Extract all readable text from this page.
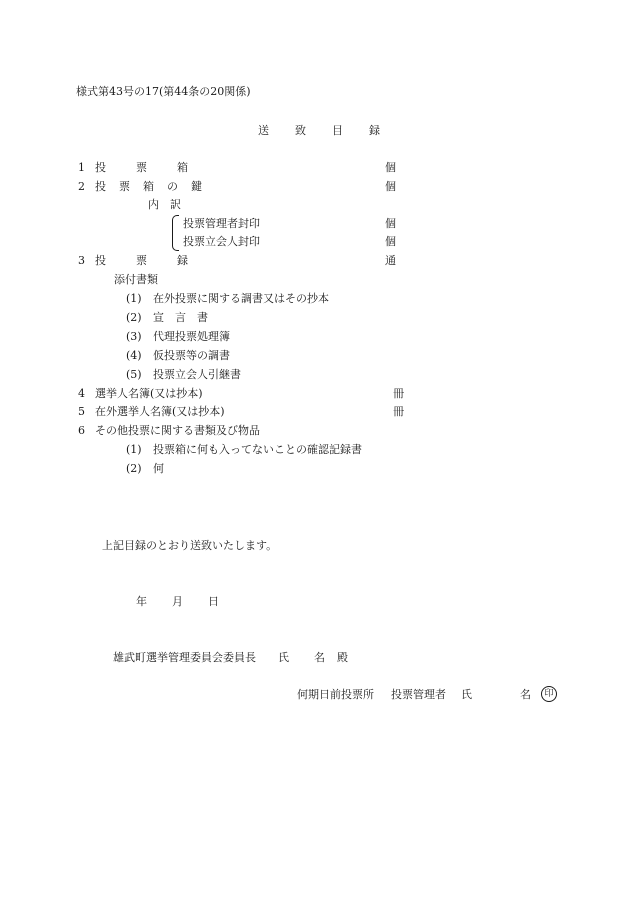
様式第43号の17(第44条の20関係)
送致目録
1 投票箱	個
2 投票箱の鍵	個
内訳
投票管理者封印	個
投票立会人封印	個
3 投票録	通
添付書類
(1) 在外投票に関する調書又はその抄本
(2) 宣言書
(3) 代理投票処理簿
(4) 仮投票等の調書
(5) 投票立会人引継書
4 選挙人名簿(又は抄本)	冊
5 在外選挙人名簿(又は抄本)	冊
6 その他投票に関する書類及び物品
(1) 投票箱に何も入ってないことの確認記録書
(2) 何
上記目録のとおり送致いたします。
年 月 日
雄武町選挙管理委員会委員長 氏 名 殿
何期日前投票所 投票管理者 氏	名	印
